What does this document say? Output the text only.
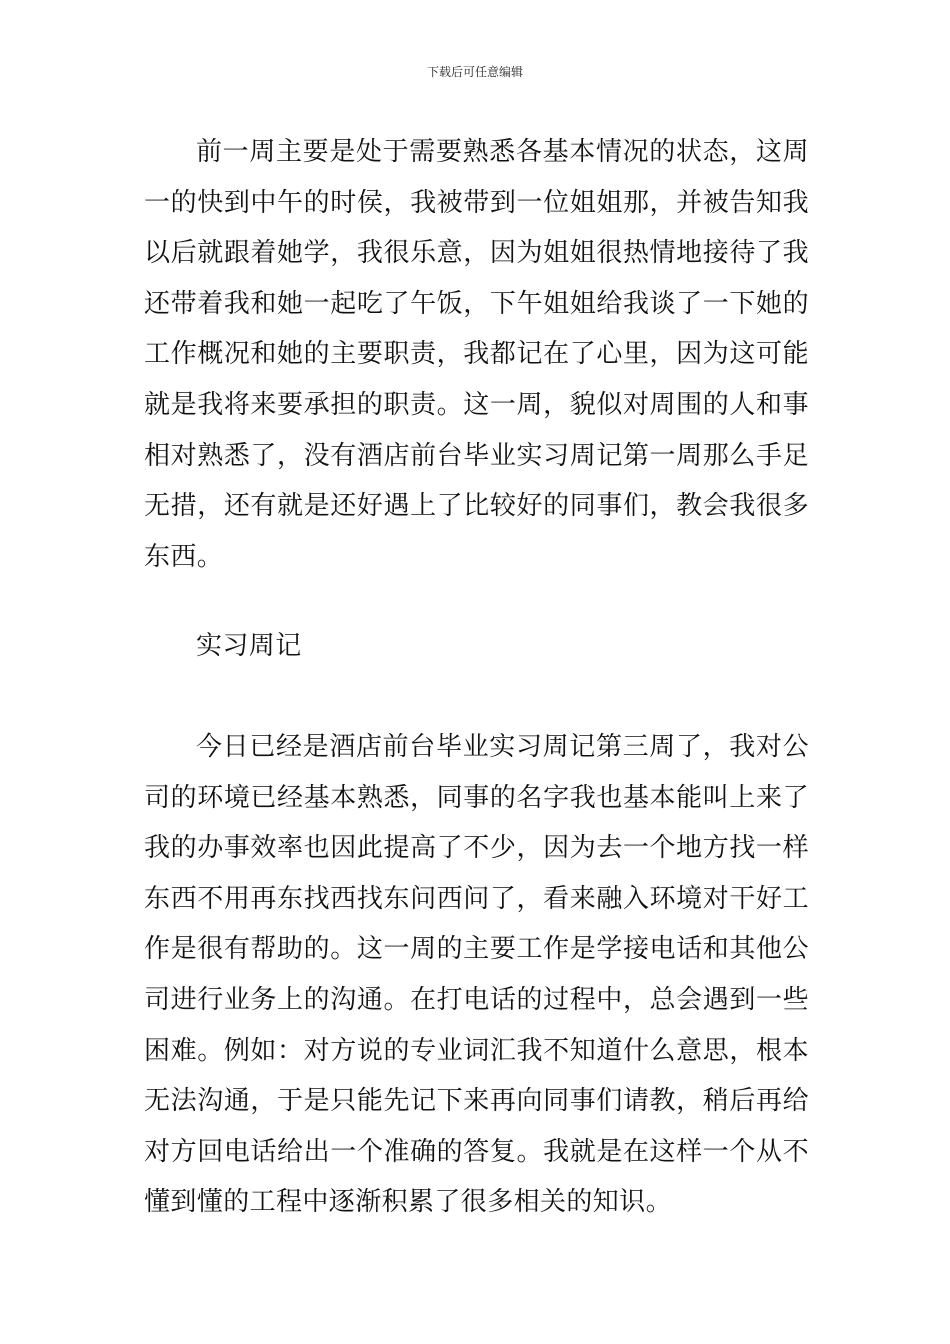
下载后可任意编辑

前一周主要是处于需要熟悉各基本情况的状态，这周一的快到中午的时侯，我被带到一位姐姐那，并被告知我以后就跟着她学，我很乐意，因为姐姐很热情地接待了我还带着我和她一起吃了午饭，下午姐姐给我谈了一下她的工作概况和她的主要职责，我都记在了心里，因为这可能就是我将来要承担的职责。这一周，貌似对周围的人和事相对熟悉了，没有酒店前台毕业实习周记第一周那么手足无措，还有就是还好遇上了比较好的同事们，教会我很多东西。

实习周记

今日已经是酒店前台毕业实习周记第三周了，我对公司的环境已经基本熟悉，同事的名字我也基本能叫上来了我的办事效率也因此提高了不少，因为去一个地方找一样东西不用再东找西找东问西问了，看来融入环境对干好工作是很有帮助的。这一周的主要工作是学接电话和其他公司进行业务上的沟通。在打电话的过程中，总会遇到一些困难。例如：对方说的专业词汇我不知道什么意思，根本无法沟通，于是只能先记下来再向同事们请教，稍后再给对方回电话给出一个准确的答复。我就是在这样一个从不懂到懂的工程中逐渐积累了很多相关的知识。
